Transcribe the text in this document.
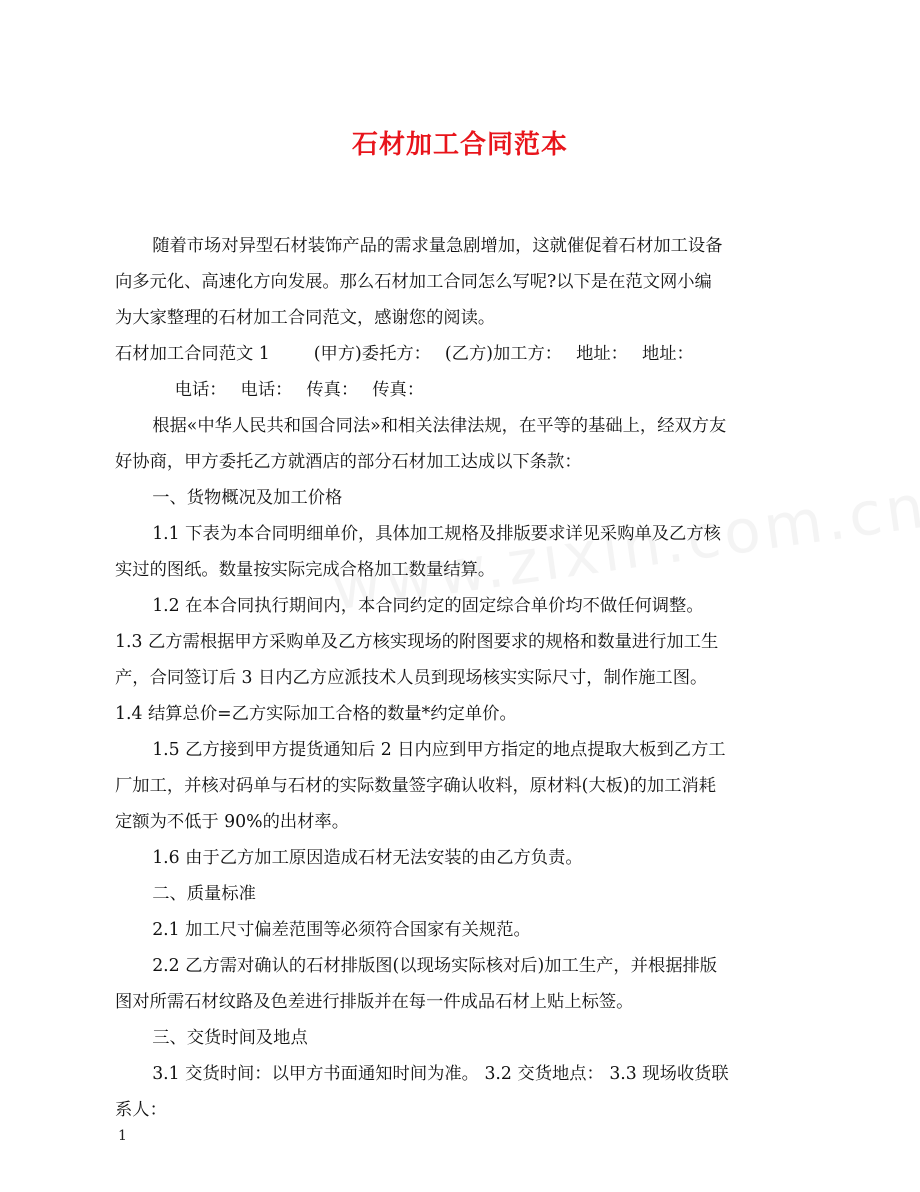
石材加工合同范本

随着市场对异型石材装饰产品的需求量急剧增加，这就催促着石材加工设备

向多元化、高速化方向发展。那么石材加工合同怎么写呢?以下是在范文网小编

为大家整理的石材加工合同范文，感谢您的阅读。

石材加工合同范文 1	(甲方)委托方： (乙方)加工方： 地址： 地址：

电话： 电话： 传真： 传真：

根据«中华人民共和国合同法»和相关法律法规，在平等的基础上，经双方友

好协商，甲方委托乙方就酒店的部分石材加工达成以下条款：

一、货物概况及加工价格

1.1 下表为本合同明细单价，具体加工规格及排版要求详见采购单及乙方核

实过的图纸。数量按实际完成合格加工数量结算。

1.2 在本合同执行期间内，本合同约定的固定综合单价均不做任何调整。

1.3 乙方需根据甲方采购单及乙方核实现场的附图要求的规格和数量进行加工生

产，合同签订后 3 日内乙方应派技术人员到现场核实实际尺寸，制作施工图。

1.4 结算总价=乙方实际加工合格的数量*约定单价。

1.5 乙方接到甲方提货通知后 2 日内应到甲方指定的地点提取大板到乙方工

厂加工，并核对码单与石材的实际数量签字确认收料，原材料(大板)的加工消耗

定额为不低于 90%的出材率。

1.6 由于乙方加工原因造成石材无法安装的由乙方负责。

二、质量标准

2.1 加工尺寸偏差范围等必须符合国家有关规范。

2.2 乙方需对确认的石材排版图(以现场实际核对后)加工生产，并根据排版

图对所需石材纹路及色差进行排版并在每一件成品石材上贴上标签。

三、交货时间及地点

3.1 交货时间：以甲方书面通知时间为准。 3.2 交货地点： 3.3 现场收货联

系人：

1
